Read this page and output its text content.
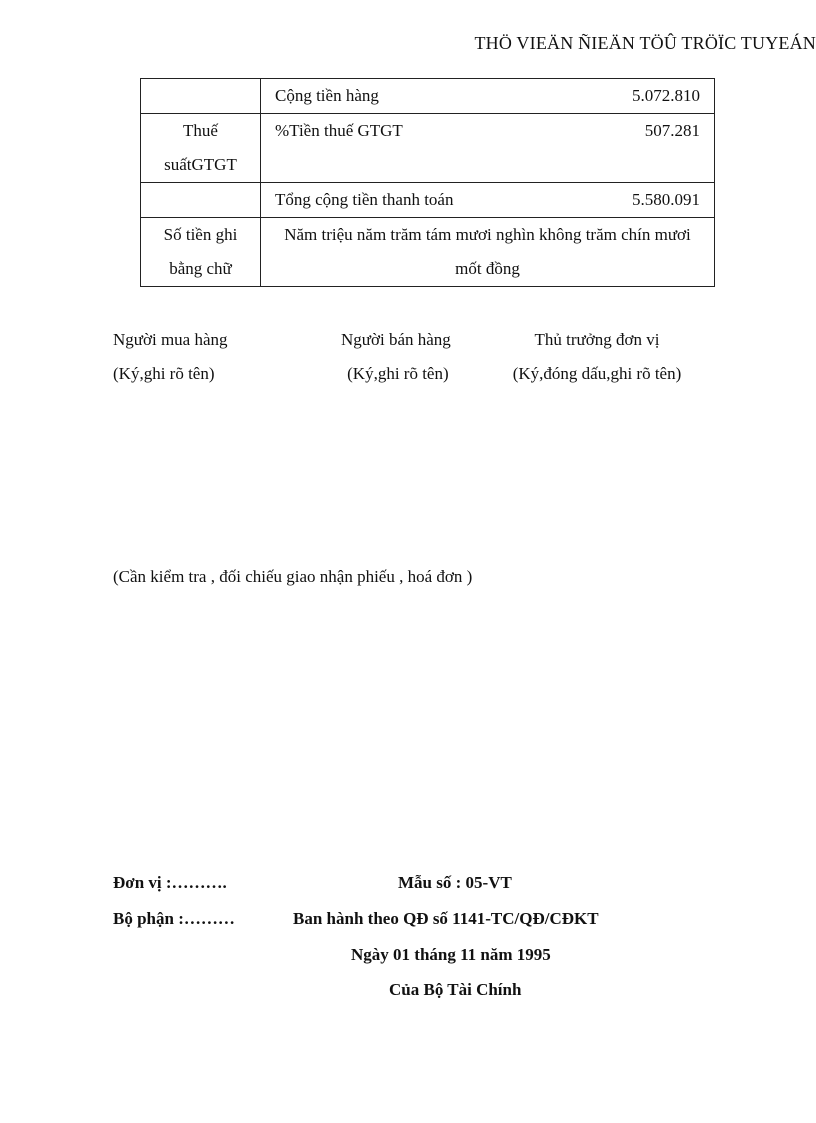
THÖ VIEÄN ÑIEÄN TÖÛ TRÖÏC TUYEÁN

	Cộng tiền hàng 5.072.810

Thuế suấtGTGT	%Tiền thuế GTGT 507.281

	Tổng cộng tiền thanh toán 5.580.091

Số tiền ghi bằng chữ	Năm triệu năm trăm tám mươi nghìn không trăm chín mươi mốt đồng
Người mua hàng
(Ký,ghi rõ tên)
Người bán hàng
(Ký,ghi rõ tên)
Thủ trưởng đơn vị
(Ký,đóng dấu,ghi rõ tên)
(Cần kiểm tra , đối chiếu giao nhận phiếu , hoá đơn )
Đơn vị :……….
Bộ phận :………
Mẫu số : 05-VT
Ban hành theo QĐ số 1141-TC/QĐ/CĐKT
Ngày 01 tháng 11 năm 1995
Của Bộ Tài Chính
